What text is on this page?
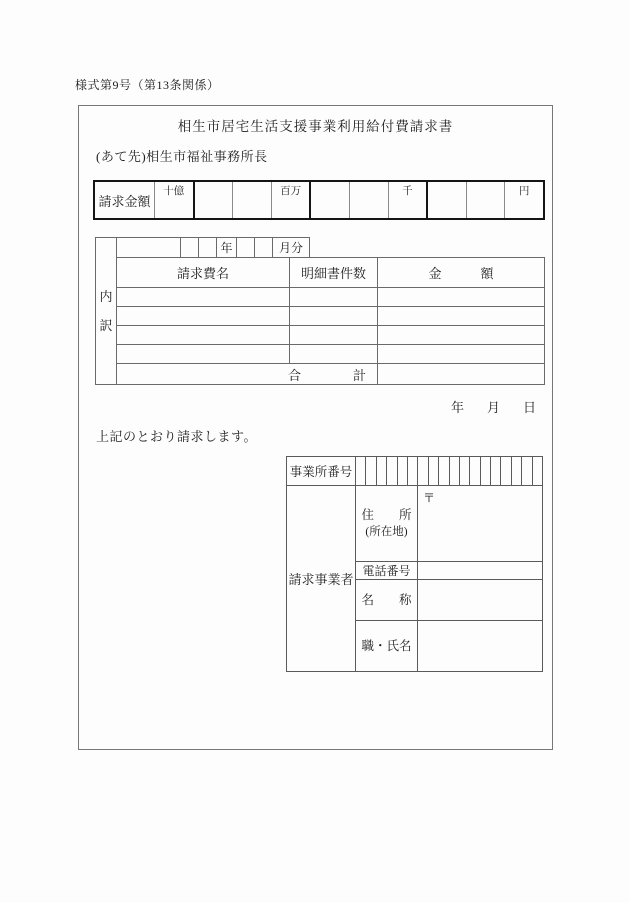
様式第9号（第13条関係）
相生市居宅生活支援事業利用給付費請求書
(あて先)相生市福祉事務所長
請求金額
十億	百万	千	円
内
訳
年	月分
請求費名	明細書件数	金　　　額
合　　　　計
年 月 日
上記のとおり請求します。
事業所番号
請求事業者
住　　所
(所在地)
〒
電話番号
名　　称
職・氏名
